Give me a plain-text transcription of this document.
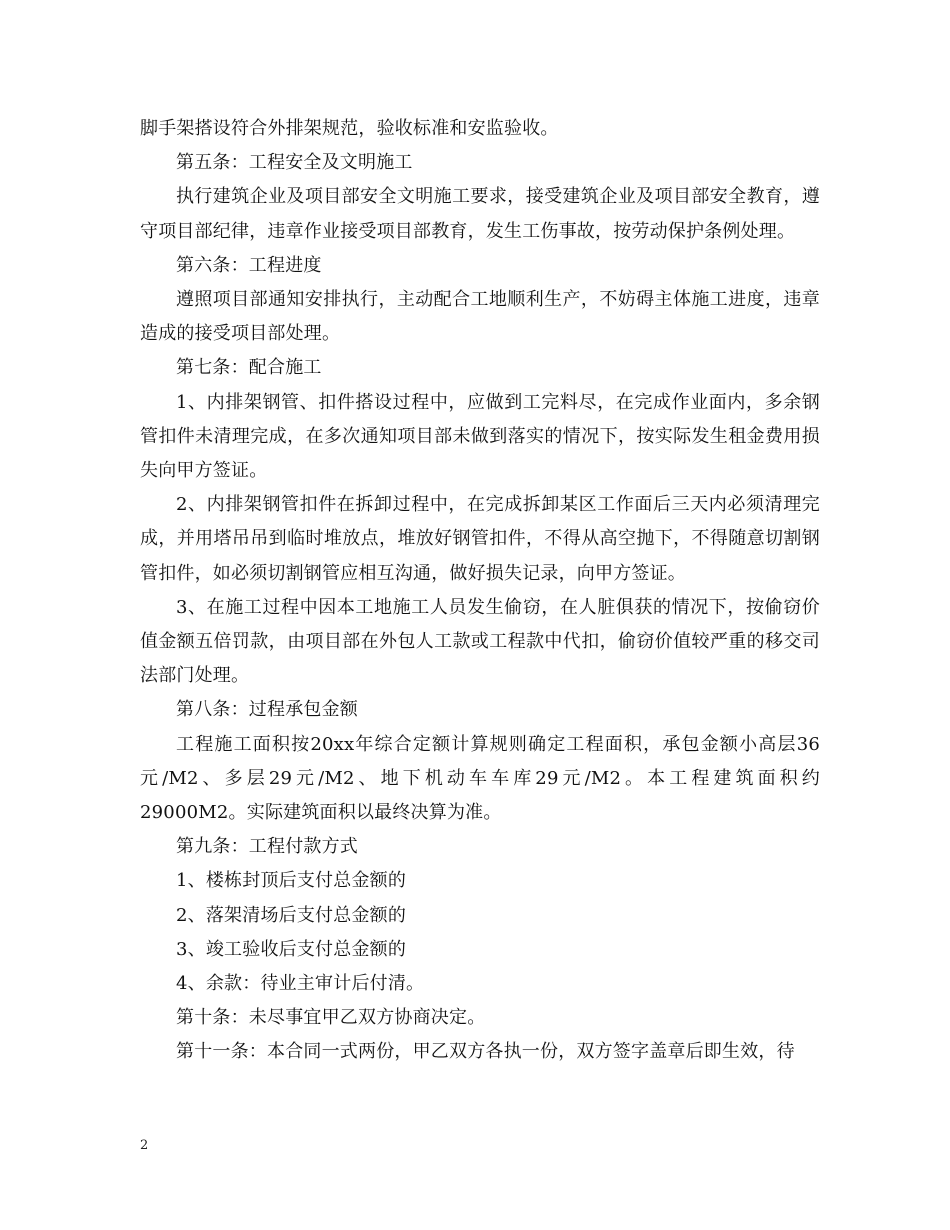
脚手架搭设符合外排架规范，验收标准和安监验收。

第五条：工程安全及文明施工

执行建筑企业及项目部安全文明施工要求，接受建筑企业及项目部安全教育，遵守项目部纪律，违章作业接受项目部教育，发生工伤事故，按劳动保护条例处理。

第六条：工程进度

遵照项目部通知安排执行，主动配合工地顺利生产，不妨碍主体施工进度，违章造成的接受项目部处理。

第七条：配合施工

1、内排架钢管、扣件搭设过程中，应做到工完料尽，在完成作业面内，多余钢管扣件未清理完成，在多次通知项目部未做到落实的情况下，按实际发生租金费用损失向甲方签证。

2、内排架钢管扣件在拆卸过程中，在完成拆卸某区工作面后三天内必须清理完成，并用塔吊吊到临时堆放点，堆放好钢管扣件，不得从高空抛下，不得随意切割钢管扣件，如必须切割钢管应相互沟通，做好损失记录，向甲方签证。

3、在施工过程中因本工地施工人员发生偷窃，在人脏俱获的情况下，按偷窃价值金额五倍罚款，由项目部在外包人工款或工程款中代扣，偷窃价值较严重的移交司法部门处理。

第八条：过程承包金额

工程施工面积按20xx年综合定额计算规则确定工程面积，承包金额小高层36元/M2、多层29元/M2、地下机动车车库29元/M2。本工程建筑面积约29000M2。实际建筑面积以最终决算为准。

第九条：工程付款方式

1、楼栋封顶后支付总金额的

2、落架清场后支付总金额的

3、竣工验收后支付总金额的

4、余款：待业主审计后付清。

第十条：未尽事宜甲乙双方协商决定。

第十一条：本合同一式两份，甲乙双方各执一份，双方签字盖章后即生效，待

2
